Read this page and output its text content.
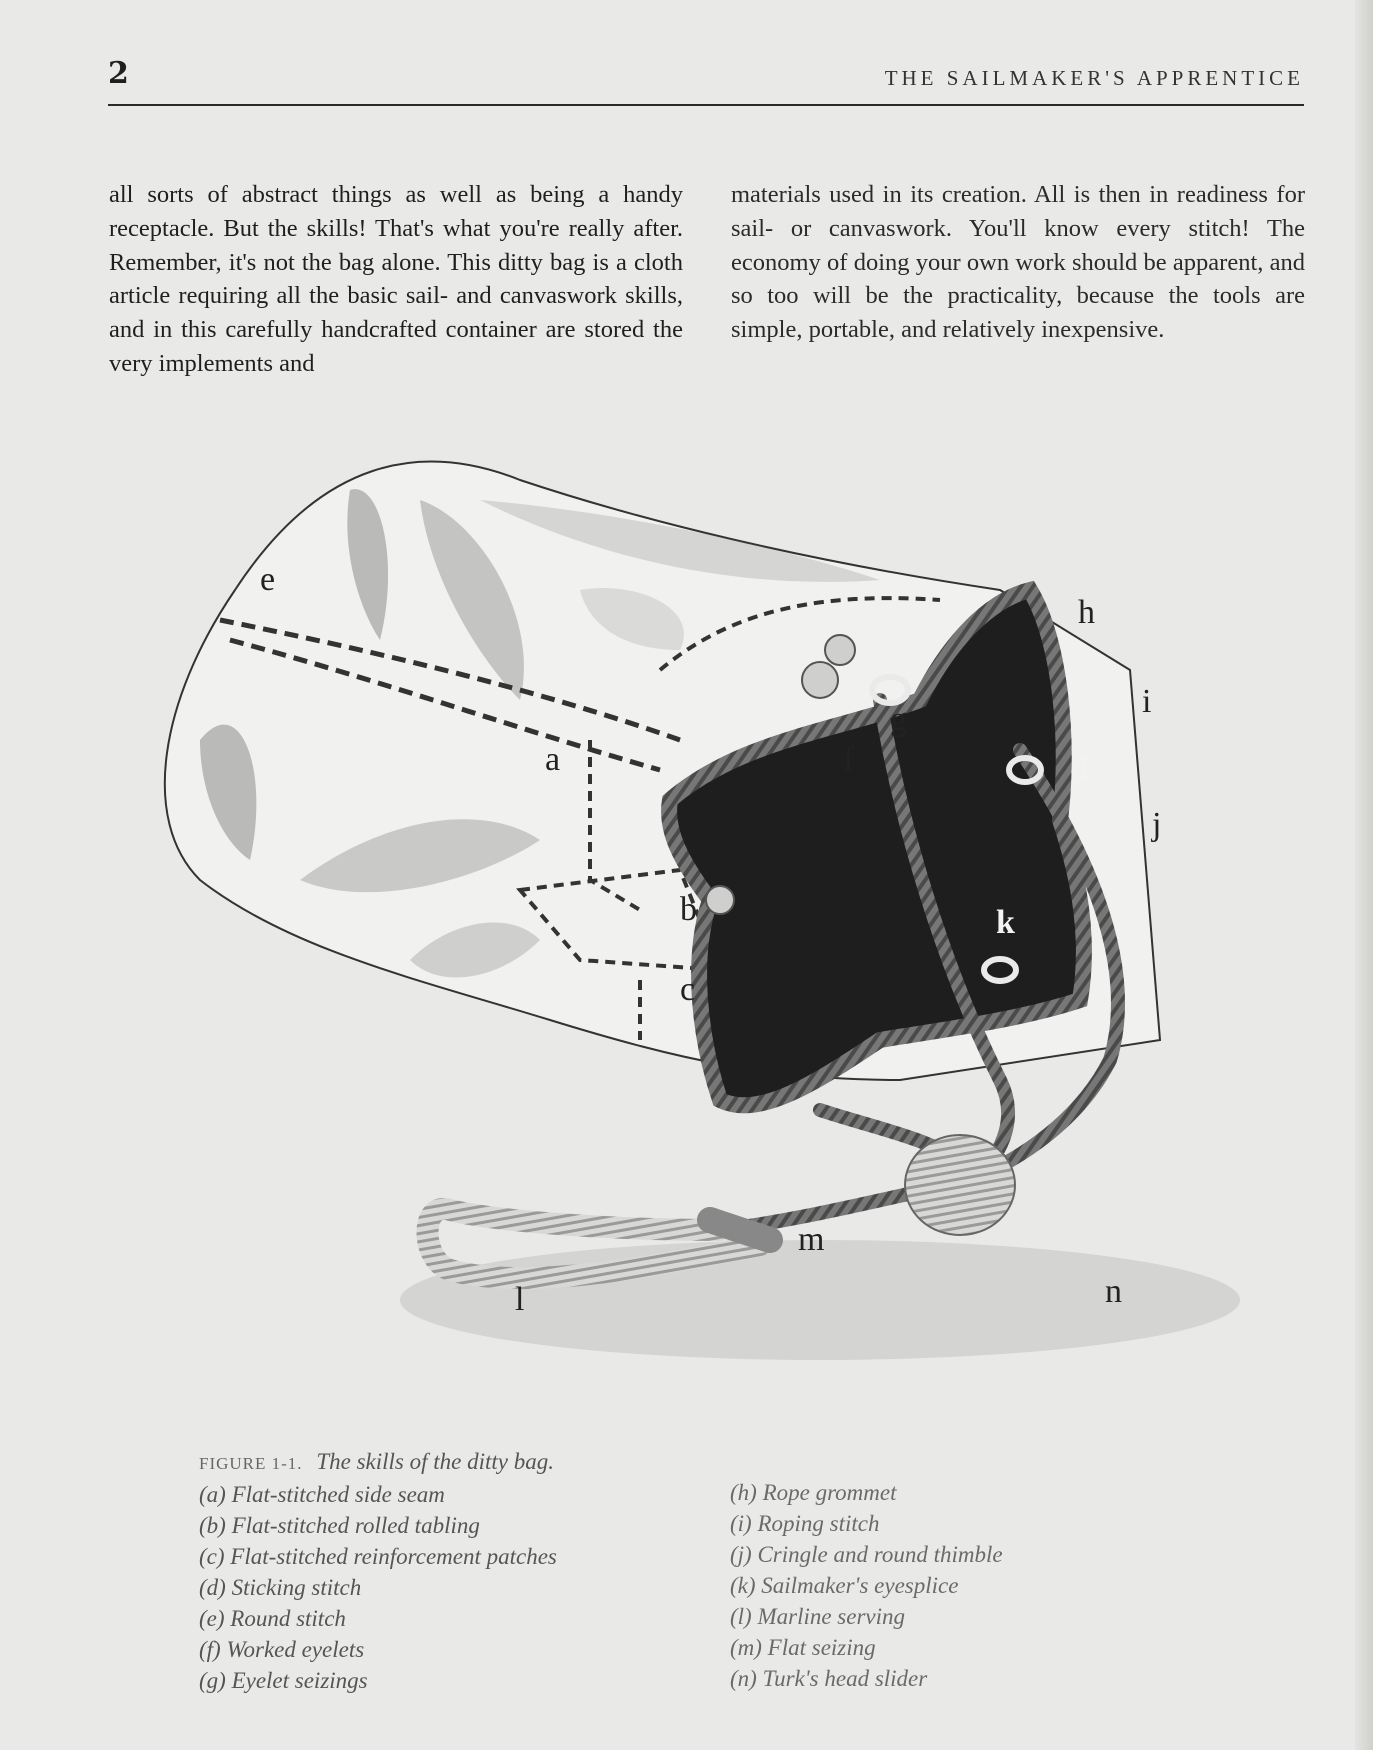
2	THE SAILMAKER'S APPRENTICE
all sorts of abstract things as well as being a handy receptacle. But the skills! That's what you're really after. Remember, it's not the bag alone. This ditty bag is a cloth article requiring all the basic sail- and canvaswork skills, and in this carefully handcrafted container are stored the very implements and
materials used in its creation. All is then in readiness for sail- or canvaswork. You'll know every stitch! The economy of doing your own work should be apparent, and so too will be the practicality, because the tools are simple, portable, and relatively inexpensive.
a
b
c
d
e
f
g
h
i
j
k
l
m
n
FIGURE 1-1. The skills of the ditty bag.
(a) Flat-stitched side seam
(b) Flat-stitched rolled tabling
(c) Flat-stitched reinforcement patches
(d) Sticking stitch
(e) Round stitch
(f) Worked eyelets
(g) Eyelet seizings
(h) Rope grommet
(i) Roping stitch
(j) Cringle and round thimble
(k) Sailmaker's eyesplice
(l) Marline serving
(m) Flat seizing
(n) Turk's head slider
